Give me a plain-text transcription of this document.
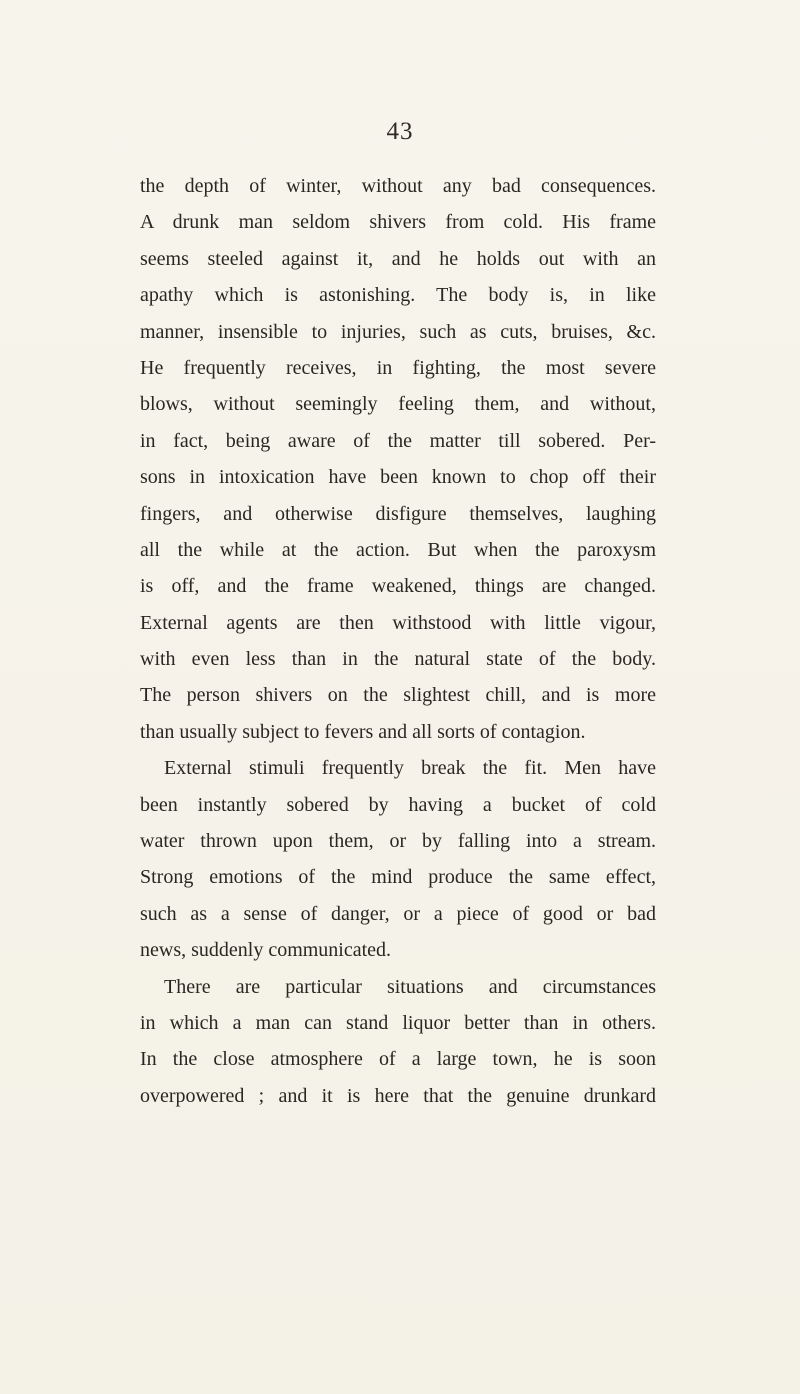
43
the depth of winter, without any bad consequences.
A drunk man seldom shivers from cold. His frame
seems steeled against it, and he holds out with an
apathy which is astonishing. The body is, in like
manner, insensible to injuries, such as cuts, bruises, &c.
He frequently receives, in fighting, the most severe
blows, without seemingly feeling them, and without,
in fact, being aware of the matter till sobered. Per-
sons in intoxication have been known to chop off their
fingers, and otherwise disfigure themselves, laughing
all the while at the action. But when the paroxysm
is off, and the frame weakened, things are changed.
External agents are then withstood with little vigour,
with even less than in the natural state of the body.
The person shivers on the slightest chill, and is more
than usually subject to fevers and all sorts of contagion.
External stimuli frequently break the fit. Men have
been instantly sobered by having a bucket of cold
water thrown upon them, or by falling into a stream.
Strong emotions of the mind produce the same effect,
such as a sense of danger, or a piece of good or bad
news, suddenly communicated.
There are particular situations and circumstances
in which a man can stand liquor better than in others.
In the close atmosphere of a large town, he is soon
overpowered ; and it is here that the genuine drunkard
